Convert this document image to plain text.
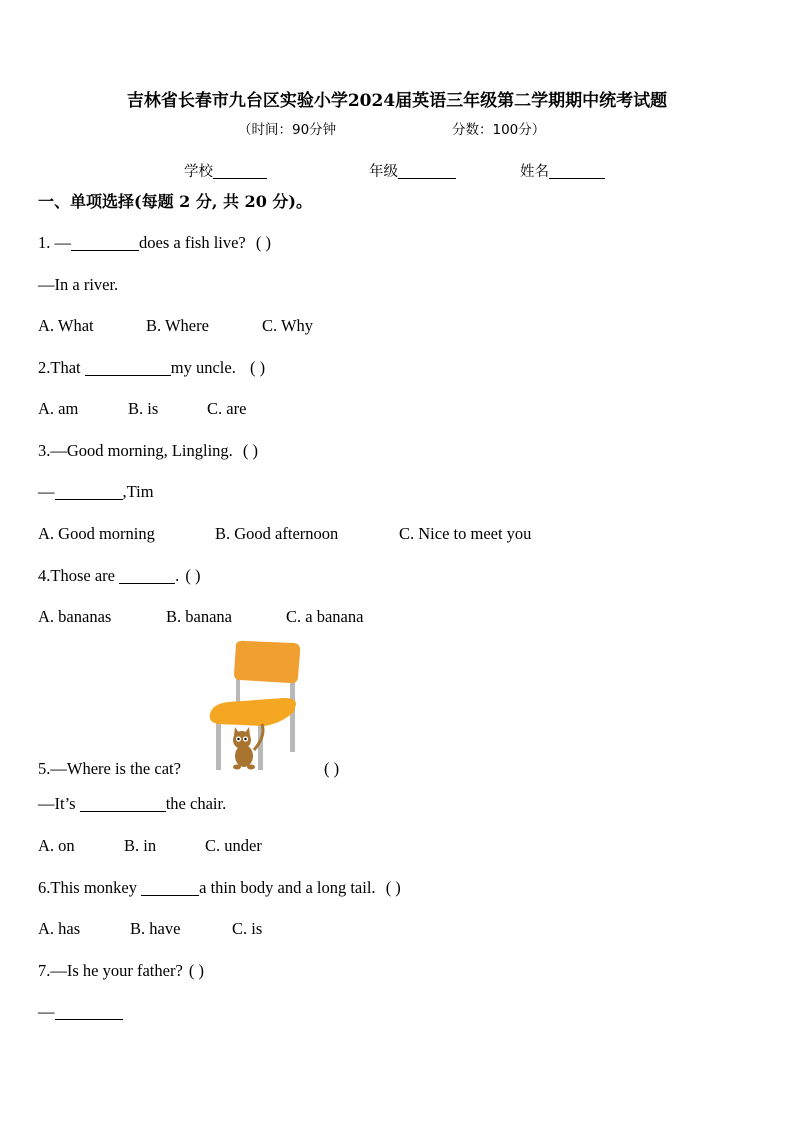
吉林省长春市九台区实验小学2024届英语三年级第二学期期中统考试题
（时间：90分钟	分数：100分）
学校	年级	姓名
一、单项选择(每题 2 分, 共 20 分)。
1. —	does a fish live? ( )
—In a river.
A. What	B. Where	C. Why
2.That	my uncle. ( )
A. am	B. is	C. are
3.—Good morning, Lingling. ( )
—	,Tim
A. Good morning	B. Good afternoon	C. Nice to meet you
4.Those are	. ( )
A. bananas	B. banana	C. a banana
5.—Where is the cat?	( )
—It’s	the chair.
A. on	B. in	C. under
6.This monkey	a thin body and a long tail. ( )
A. has	B. have	C. is
7.—Is he your father? ( )
—
